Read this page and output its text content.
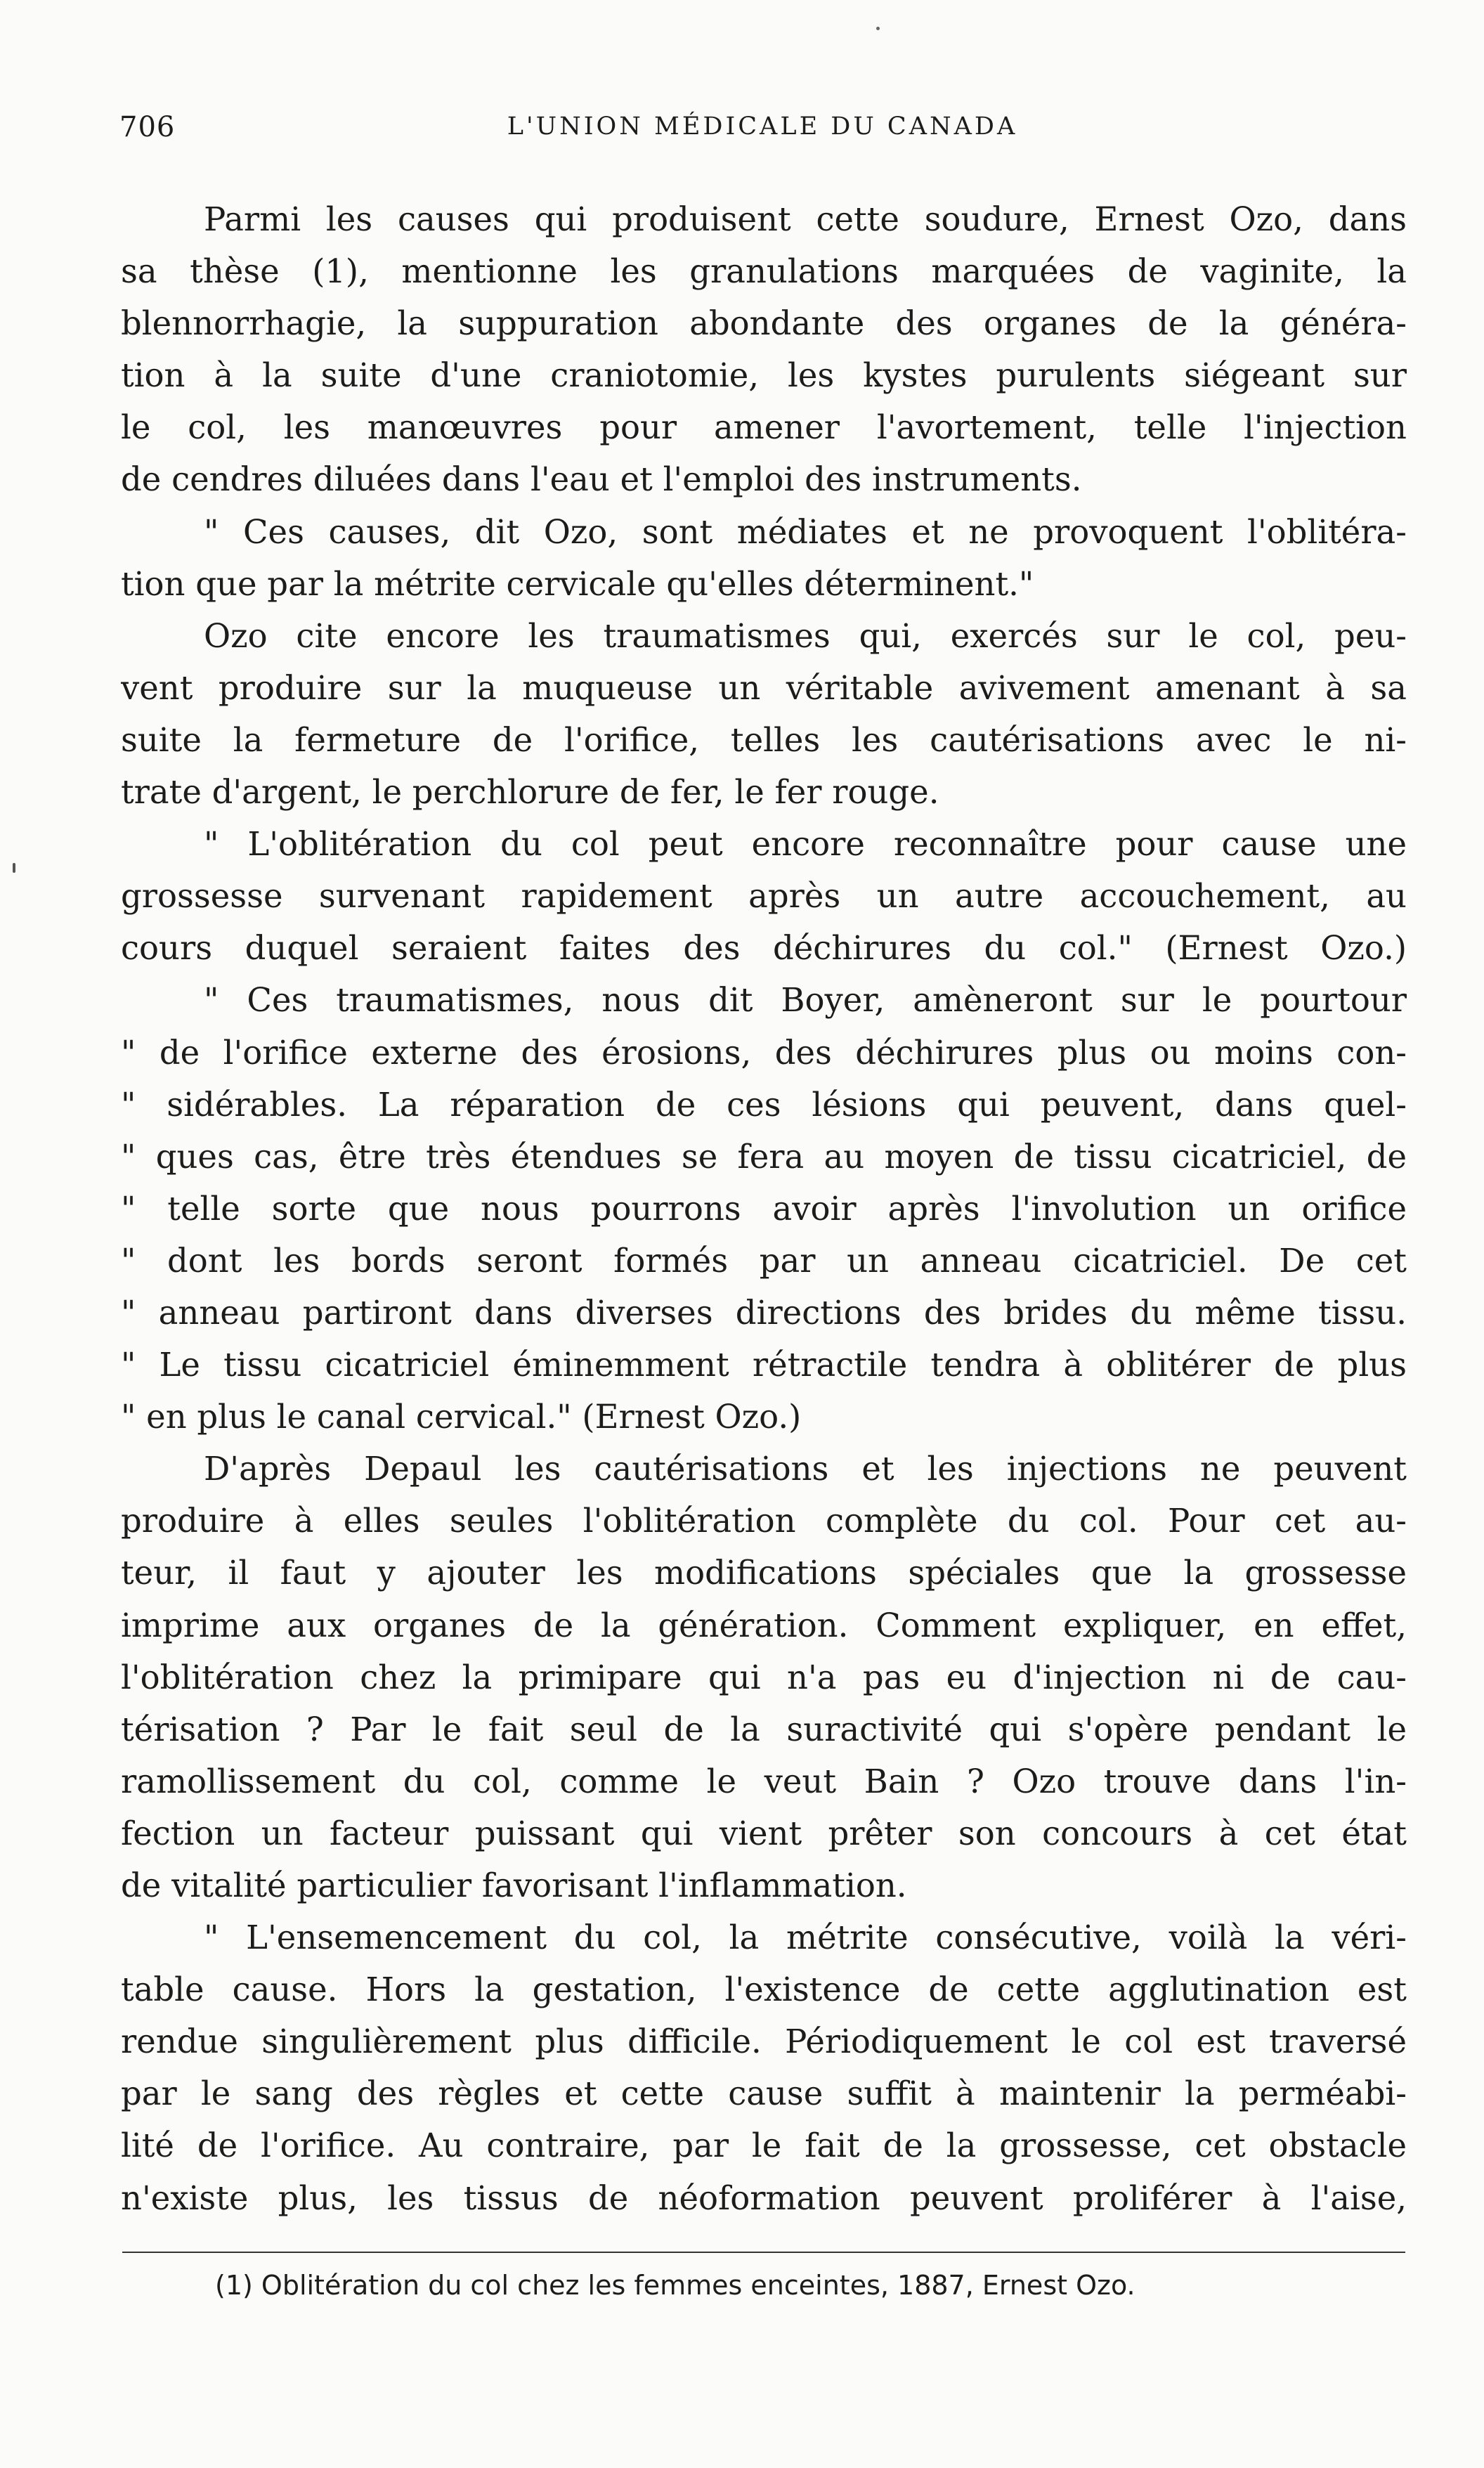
706	L'UNION MÉDICALE DU CANADA
Parmi les causes qui produisent cette soudure, Ernest Ozo, dans
sa thèse (1), mentionne les granulations marquées de vaginite, la
blennorrhagie, la suppuration abondante des organes de la généra-
tion à la suite d'une craniotomie, les kystes purulents siégeant sur
le col, les manœuvres pour amener l'avortement, telle l'injection
de cendres diluées dans l'eau et l'emploi des instruments.
" Ces causes, dit Ozo, sont médiates et ne provoquent l'oblitéra-
tion que par la métrite cervicale qu'elles déterminent."
Ozo cite encore les traumatismes qui, exercés sur le col, peu-
vent produire sur la muqueuse un véritable avivement amenant à sa
suite la fermeture de l'orifice, telles les cautérisations avec le ni-
trate d'argent, le perchlorure de fer, le fer rouge.
" L'oblitération du col peut encore reconnaître pour cause une
grossesse survenant rapidement après un autre accouchement, au
cours duquel seraient faites des déchirures du col." (Ernest Ozo.)
" Ces traumatismes, nous dit Boyer, amèneront sur le pourtour
" de l'orifice externe des érosions, des déchirures plus ou moins con-
" sidérables. La réparation de ces lésions qui peuvent, dans quel-
" ques cas, être très étendues se fera au moyen de tissu cicatriciel, de
" telle sorte que nous pourrons avoir après l'involution un orifice
" dont les bords seront formés par un anneau cicatriciel. De cet
" anneau partiront dans diverses directions des brides du même tissu.
" Le tissu cicatriciel éminemment rétractile tendra à oblitérer de plus
" en plus le canal cervical." (Ernest Ozo.)
D'après Depaul les cautérisations et les injections ne peuvent
produire à elles seules l'oblitération complète du col. Pour cet au-
teur, il faut y ajouter les modifications spéciales que la grossesse
imprime aux organes de la génération. Comment expliquer, en effet,
l'oblitération chez la primipare qui n'a pas eu d'injection ni de cau-
térisation ? Par le fait seul de la suractivité qui s'opère pendant le
ramollissement du col, comme le veut Bain ? Ozo trouve dans l'in-
fection un facteur puissant qui vient prêter son concours à cet état
de vitalité particulier favorisant l'inflammation.
" L'ensemencement du col, la métrite consécutive, voilà la véri-
table cause. Hors la gestation, l'existence de cette agglutination est
rendue singulièrement plus difficile. Périodiquement le col est traversé
par le sang des règles et cette cause suffit à maintenir la perméabi-
lité de l'orifice. Au contraire, par le fait de la grossesse, cet obstacle
n'existe plus, les tissus de néoformation peuvent proliférer à l'aise,
(1) Oblitération du col chez les femmes enceintes, 1887, Ernest Ozo.
